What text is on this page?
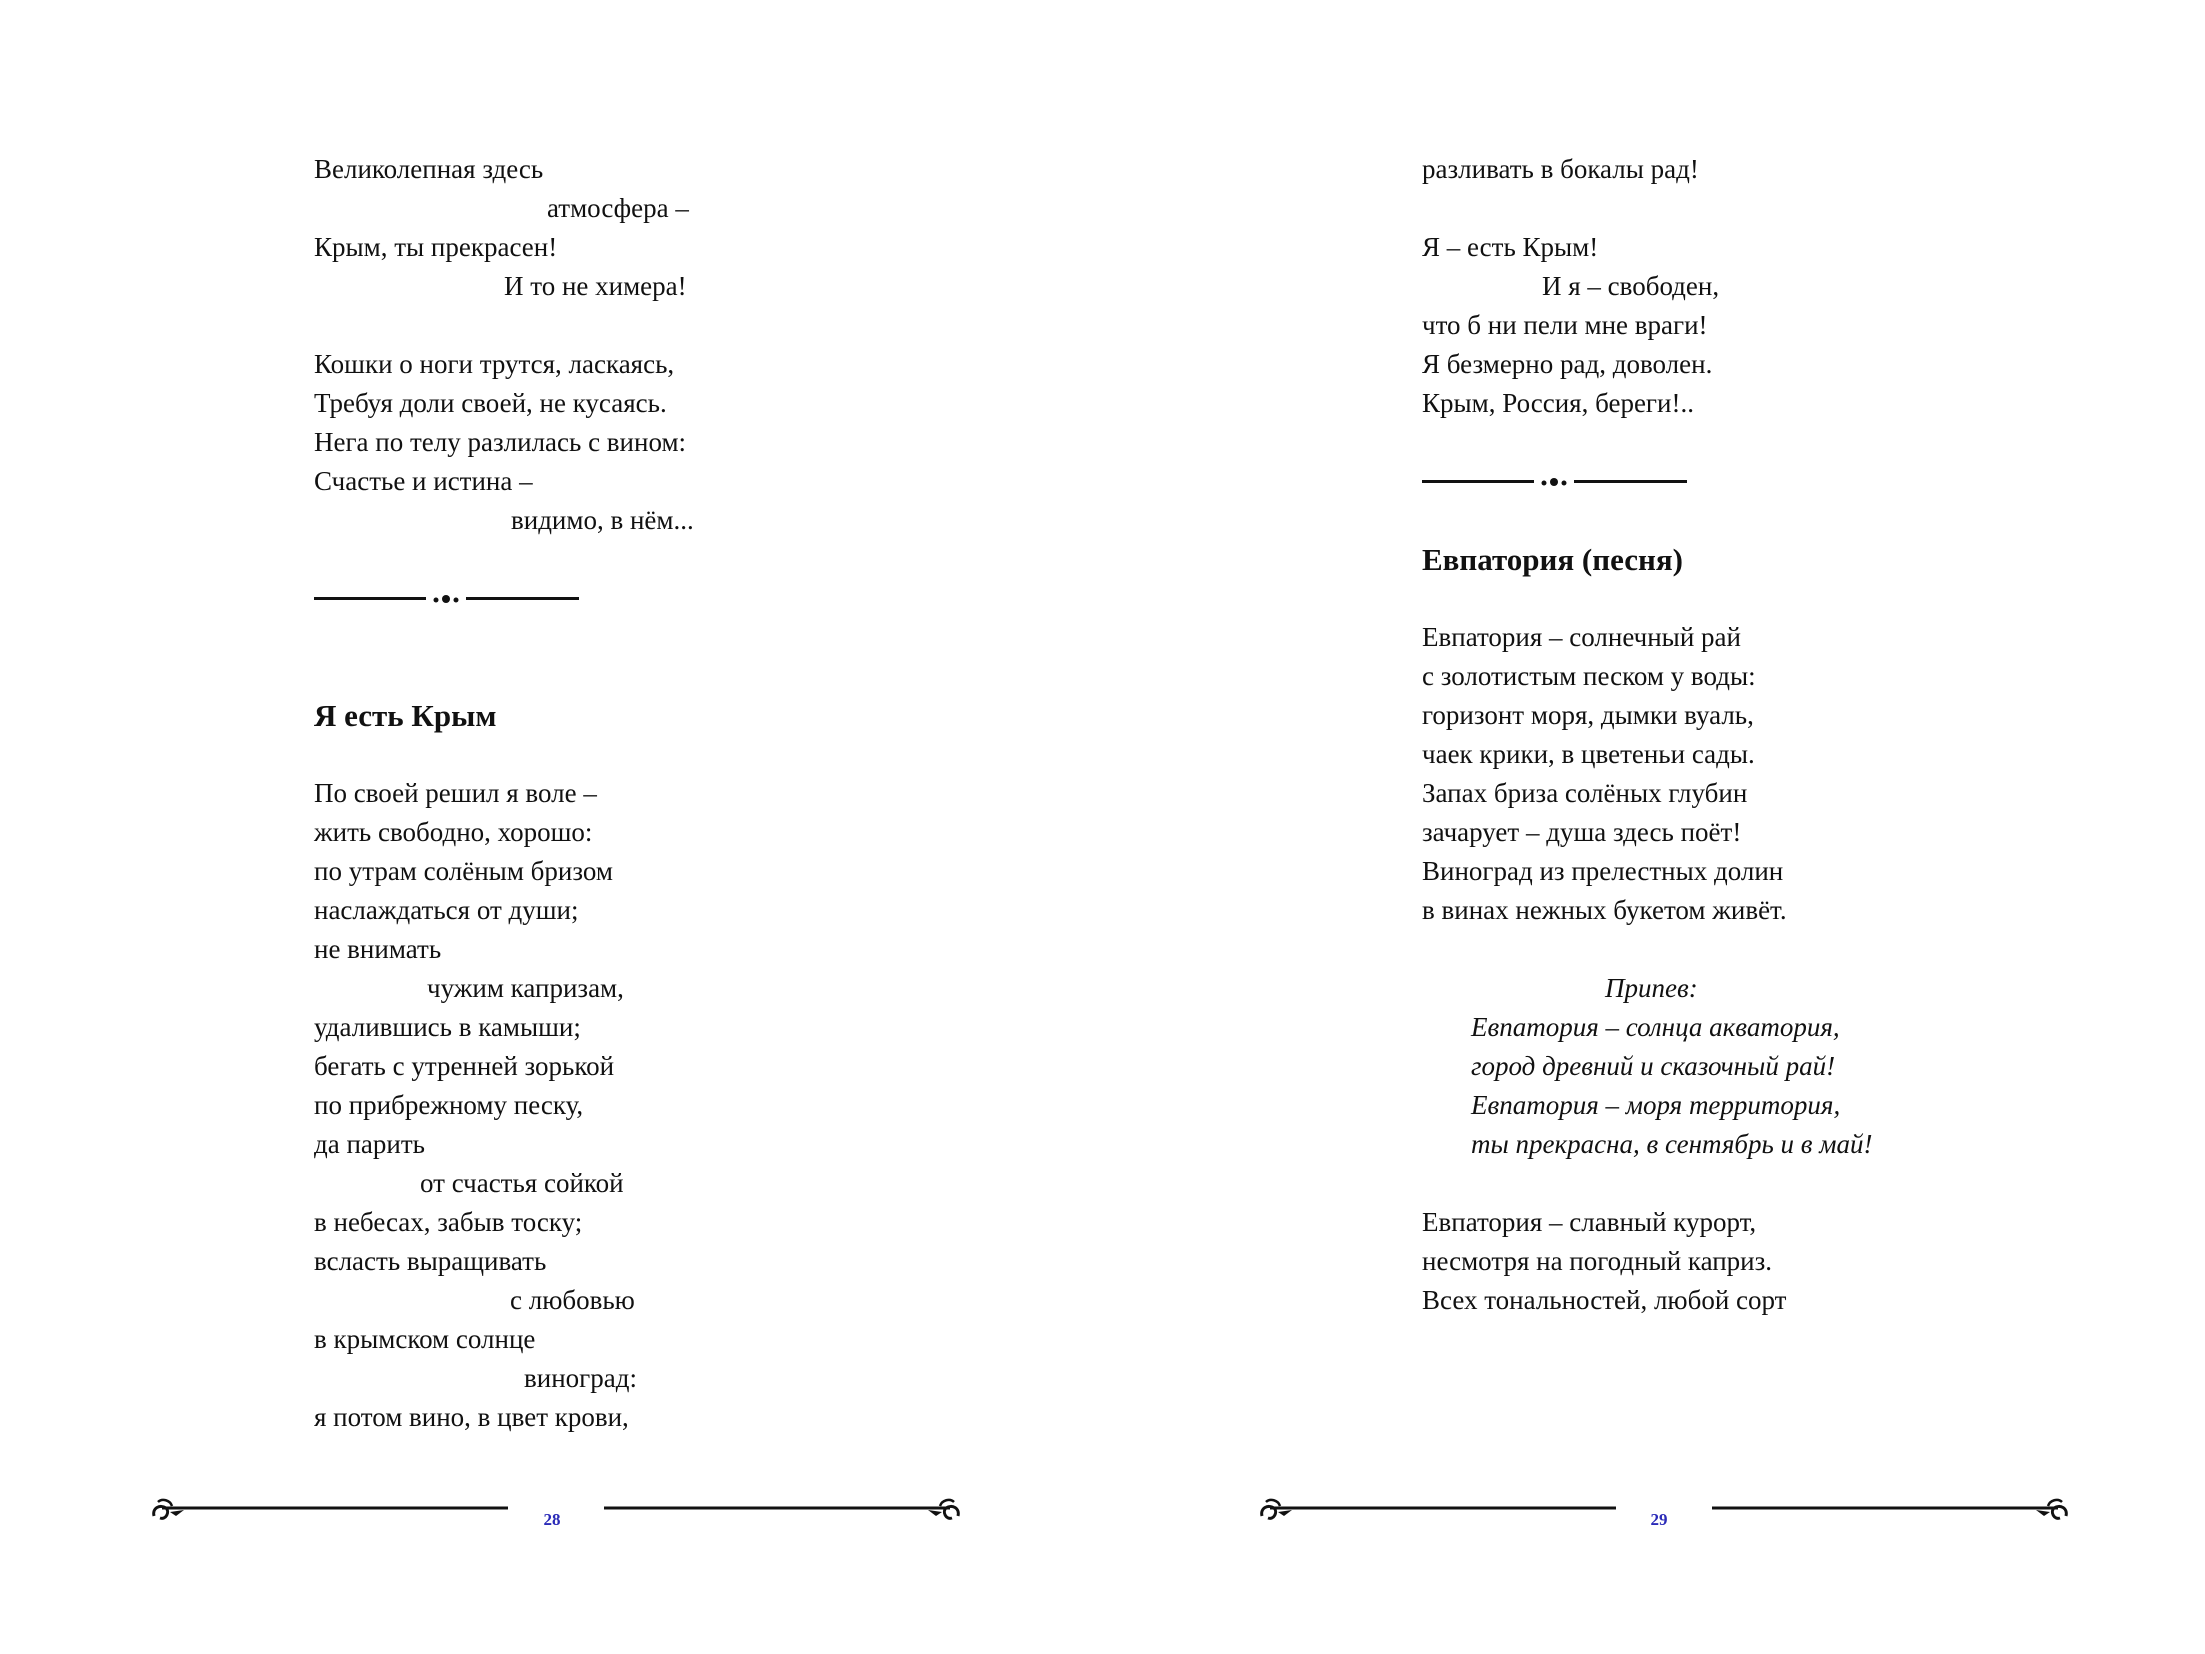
Великолепная здесь
атмосфера –
Крым, ты прекрасен!
И то не химера!
Кошки о ноги трутся, ласкаясь,
Требуя доли своей, не кусаясь.
Нега по телу разлилась с вином:
Счастье и истина –
видимо, в нём...
Я есть Крым
По своей решил я воле –
жить свободно, хорошо:
по утрам солёным бризом
наслаждаться от души;
не внимать
чужим капризам,
удалившись в камыши;
бегать с утренней зорькой
по прибрежному песку,
да парить
от счастья сойкой
в небесах, забыв тоску;
всласть выращивать
с любовью
в крымском солнце
виноград:
я потом вино, в цвет крови,
28
разливать в бокалы рад!
Я – есть Крым!
И я – свободен,
что б ни пели мне враги!
Я безмерно рад, доволен.
Крым, Россия, береги!..
Евпатория (песня)
Евпатория – солнечный рай
с золотистым песком у воды:
горизонт моря, дымки вуаль,
чаек крики, в цветеньи сады.
Запах бриза солёных глубин
зачарует – душа здесь поёт!
Виноград из прелестных долин
в винах нежных букетом живёт.
Припев:
Евпатория – солнца акватория,
город древний и сказочный рай!
Евпатория – моря территория,
ты прекрасна, в сентябрь и в май!
Евпатория – славный курорт,
несмотря на погодный каприз.
Всех тональностей, любой сорт
29
